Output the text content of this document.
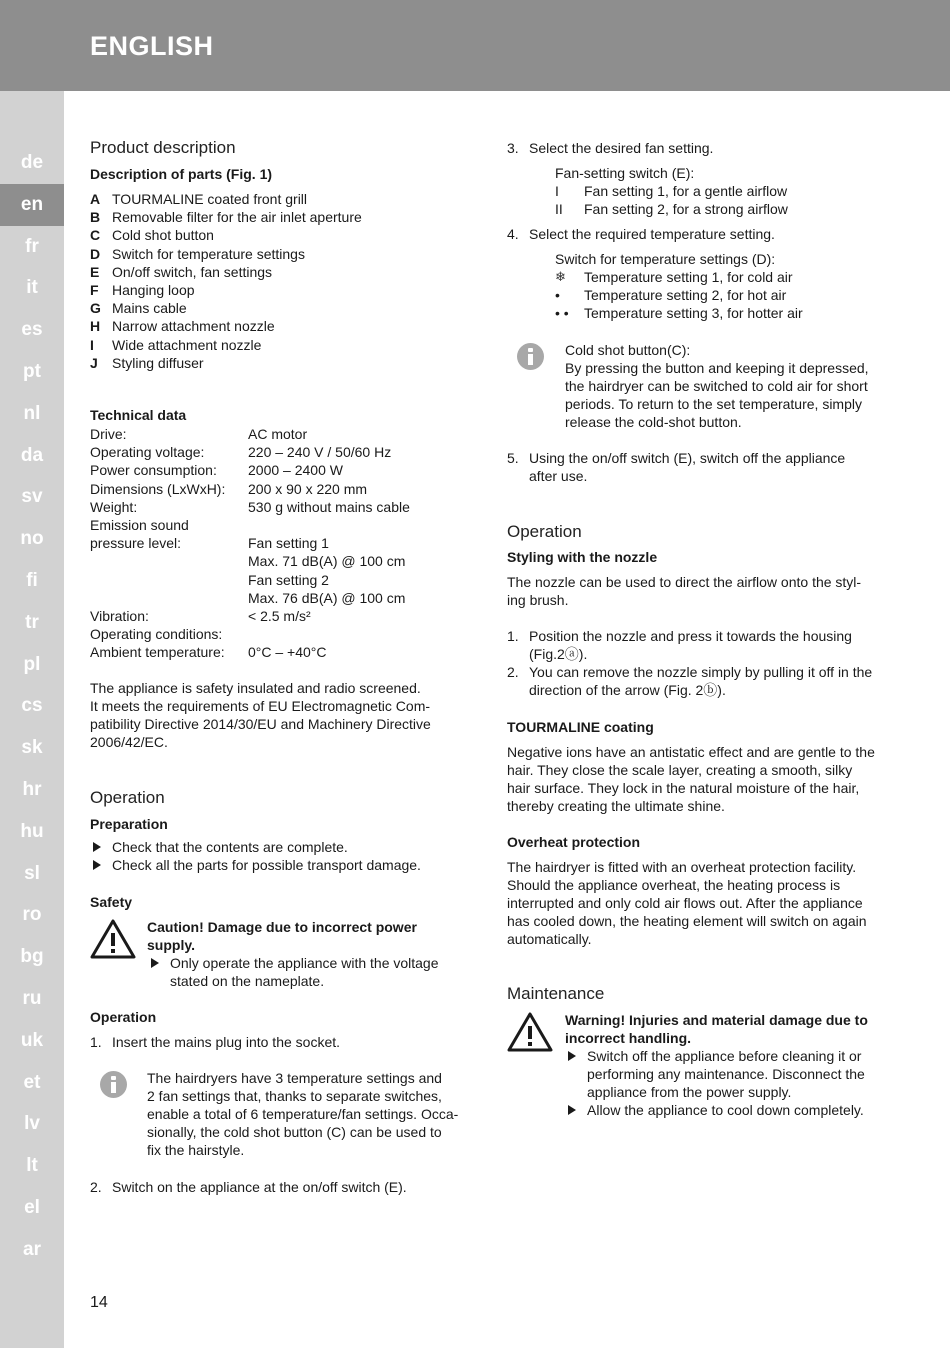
ENGLISH
de
en
fr
it
es
pt
nl
da
sv
no
fi
tr
pl
cs
sk
hr
hu
sl
ro
bg
ru
uk
et
lv
lt
el
ar
Product description
Description of parts (Fig. 1)
A TOURMALINE coated front grill
B Removable filter for the air inlet aperture
C Cold shot button
D Switch for temperature settings
E On/off switch, fan settings
F Hanging loop
G Mains cable
H Narrow attachment nozzle
I Wide attachment nozzle
J Styling diffuser
Technical data
Drive:	AC motor
Operating voltage:	220 – 240 V / 50/60 Hz
Power consumption:	2000 – 2400 W
Dimensions (LxWxH):	200 x 90 x 220 mm
Weight:	530 g without mains cable
Emission sound
pressure level:	Fan setting 1
Max. 71 dB(A) @ 100 cm
Fan setting 2
Max. 76 dB(A) @ 100 cm
Vibration:	< 2.5 m/s²
Operating conditions:
Ambient temperature:	0°C – +40°C
The appliance is safety insulated and radio screened.
It meets the requirements of EU Electromagnetic Com-
patibility Directive 2014/30/EU and Machinery Directive
2006/42/EC.
Operation
Preparation
Check that the contents are complete.
Check all the parts for possible transport damage.
Safety
Caution! Damage due to incorrect power
supply.
Only operate the appliance with the voltage
stated on the nameplate.
Operation
1. Insert the mains plug into the socket.
The hairdryers have 3 temperature settings and
2 fan settings that, thanks to separate switches,
enable a total of 6 temperature/fan settings. Occa-
sionally, the cold shot button (C) can be used to
fix the hairstyle.
2. Switch on the appliance at the on/off switch (E).
3. Select the desired fan setting.
Fan-setting switch (E):
I	Fan setting 1, for a gentle airflow
II	Fan setting 2, for a strong airflow
4. Select the required temperature setting.
Switch for temperature settings (D):
❄	Temperature setting 1, for cold air
•	Temperature setting 2, for hot air
• •	Temperature setting 3, for hotter air
Cold shot button(C):
By pressing the button and keeping it depressed,
the hairdryer can be switched to cold air for short
periods. To return to the set temperature, simply
release the cold-shot button.
5. Using the on/off switch (E), switch off the appliance
after use.
Operation
Styling with the nozzle
The nozzle can be used to direct the airflow onto the styl-
ing brush.
1. Position the nozzle and press it towards the housing
(Fig.2ⓐ).
2. You can remove the nozzle simply by pulling it off in the
direction of the arrow (Fig. 2ⓑ).
TOURMALINE coating
Negative ions have an antistatic effect and are gentle to the
hair. They close the scale layer, creating a smooth, silky
hair surface. They lock in the natural moisture of the hair,
thereby creating the ultimate shine.
Overheat protection
The hairdryer is fitted with an overheat protection facility.
Should the appliance overheat, the heating process is
interrupted and only cold air flows out. After the appliance
has cooled down, the heating element will switch on again
automatically.
Maintenance
Warning! Injuries and material damage due to
incorrect handling.
Switch off the appliance before cleaning it or
performing any maintenance. Disconnect the
appliance from the power supply.
Allow the appliance to cool down completely.
14
